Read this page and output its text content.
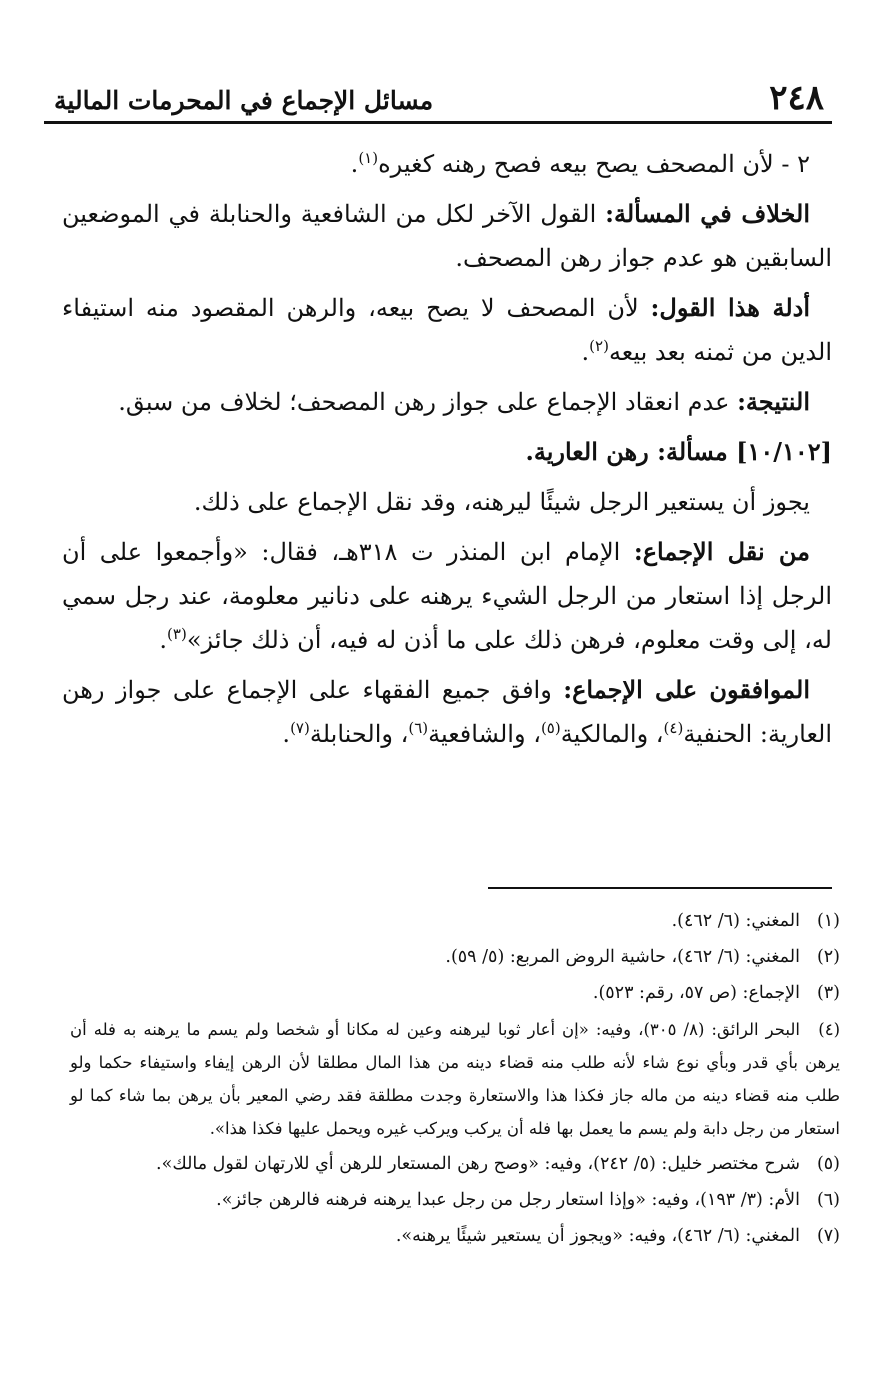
٢٤٨
مسائل الإجماع في المحرمات المالية

٢ - لأن المصحف يصح بيعه فصح رهنه كغيره$^{(١)}$.

الخلاف في المسألة: القول الآخر لكل من الشافعية والحنابلة في الموضعين السابقين هو عدم جواز رهن المصحف.

أدلة هذا القول: لأن المصحف لا يصح بيعه، والرهن المقصود منه استيفاء الدين من ثمنه بعد بيعه$^{(٢)}$.

النتيجة: عدم انعقاد الإجماع على جواز رهن المصحف؛ لخلاف من سبق.

[١٠/١٠٢] مسألة: رهن العارية.

يجوز أن يستعير الرجل شيئًا ليرهنه، وقد نقل الإجماع على ذلك.

من نقل الإجماع: الإمام ابن المنذر ت ٣١٨هـ، فقال: «وأجمعوا على أن الرجل إذا استعار من الرجل الشيء يرهنه على دنانير معلومة، عند رجل سمي له، إلى وقت معلوم، فرهن ذلك على ما أذن له فيه، أن ذلك جائز»$^{(٣)}$.

الموافقون على الإجماع: وافق جميع الفقهاء على الإجماع على جواز رهن العارية: الحنفية$^{(٤)}$، والمالكية$^{(٥)}$، والشافعية$^{(٦)}$، والحنابلة$^{(٧)}$.

(١)المغني: (٦/ ٤٦٢).

(٢)المغني: (٦/ ٤٦٢)، حاشية الروض المربع: (٥/ ٥٩).

(٣)الإجماع: (ص ٥٧، رقم: ٥٢٣).

(٤)البحر الرائق: (٨/ ٣٠٥)، وفيه: «إن أعار ثوبا ليرهنه وعين له مكانا أو شخصا ولم يسم ما يرهنه به فله أن يرهن بأي قدر وبأي نوع شاء لأنه طلب منه قضاء دينه من هذا المال مطلقا لأن الرهن إيفاء واستيفاء حكما ولو طلب منه قضاء دينه من ماله جاز فكذا هذا والاستعارة وجدت مطلقة فقد رضي المعير بأن يرهن بما شاء كما لو استعار من رجل دابة ولم يسم ما يعمل بها فله أن يركب ويركب غيره ويحمل عليها فكذا هذا».

(٥)شرح مختصر خليل: (٥/ ٢٤٢)، وفيه: «وصح رهن المستعار للرهن أي للارتهان لقول مالك».

(٦)الأم: (٣/ ١٩٣)، وفيه: «وإذا استعار رجل من رجل عبدا يرهنه فرهنه فالرهن جائز».

(٧)المغني: (٦/ ٤٦٢)، وفيه: «ويجوز أن يستعير شيئًا يرهنه».
